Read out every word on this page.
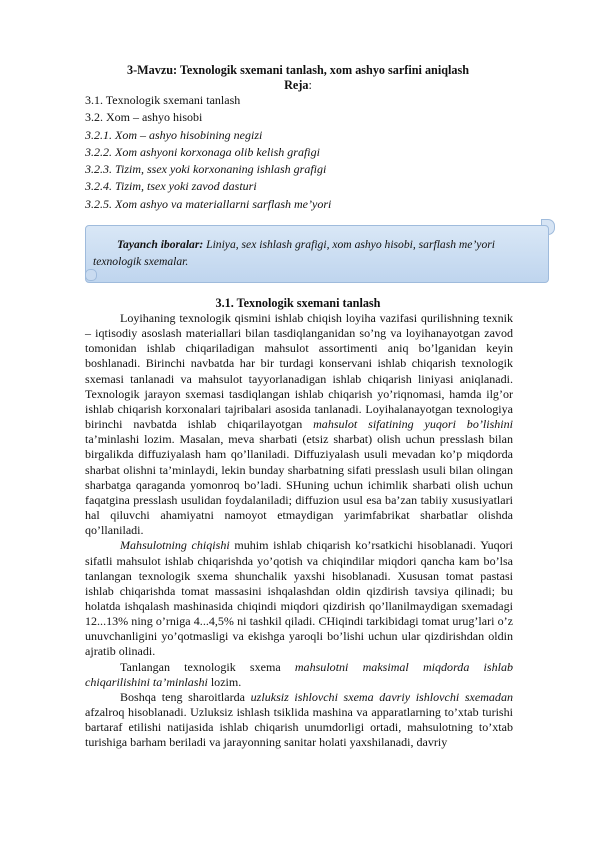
3-Mavzu: Texnologik sxemani tanlash, xom ashyo sarfini aniqlash
Reja:
3.1. Texnologik sxemani tanlash
3.2. Xom – ashyo hisobi
3.2.1. Xom – ashyo hisobining negizi
3.2.2. Xom ashyoni korxonaga olib kelish grafigi
3.2.3. Tizim, ssex yoki korxonaning ishlash grafigi
3.2.4. Tizim, tsex yoki zavod dasturi
3.2.5. Xom ashyo va materiallarni sarflash me’yori
Tayanch iboralar: Liniya, sex ishlash grafigi, xom ashyo hisobi, sarflash me’yori texnologik sxemalar.
3.1. Texnologik sxemani tanlash

Loyihaning texnologik qismini ishlab chiqish loyiha vazifasi qurilishning texnik – iqtisodiy asoslash materiallari bilan tasdiqlanganidan so’ng va loyihanayotgan zavod tomonidan ishlab chiqariladigan mahsulot assortimenti aniq bo’lganidan keyin boshlanadi. Birinchi navbatda har bir turdagi konservani ishlab chiqarish texnologik sxemasi tanlanadi va mahsulot tayyorlanadigan ishlab chiqarish liniyasi aniqlanadi. Texnologik jarayon sxemasi tasdiqlangan ishlab chiqarish yo’riqnomasi, hamda ilg’or ishlab chiqarish korxonalari tajribalari asosida tanlanadi. Loyihalanayotgan texnologiya birinchi navbatda ishlab chiqarilayotgan mahsulot sifatining yuqori bo’lishini ta’minlashi lozim. Masalan, meva sharbati (etsiz sharbat) olish uchun presslash bilan birgalikda diffuziyalash ham qo’llaniladi. Diffuziyalash usuli mevadan ko’p miqdorda sharbat olishni ta’minlaydi, lekin bunday sharbatning sifati presslash usuli bilan olingan sharbatga qaraganda yomonroq bo’ladi. SHuning uchun ichimlik sharbati olish uchun faqatgina presslash usulidan foydalaniladi; diffuzion usul esa ba’zan tabiiy xususiyatlari hal qiluvchi ahamiyatni namoyot etmaydigan yarimfabrikat sharbatlar olishda qo’llaniladi.

Mahsulotning chiqishi muhim ishlab chiqarish ko’rsatkichi hisoblanadi. Yuqori sifatli mahsulot ishlab chiqarishda yo’qotish va chiqindilar miqdori qancha kam bo’lsa tanlangan texnologik sxema shunchalik yaxshi hisoblanadi. Xususan tomat pastasi ishlab chiqarishda tomat massasini ishqalashdan oldin qizdirish tavsiya qilinadi; bu holatda ishqalash mashinasida chiqindi miqdori qizdirish qo’llanilmaydigan sxemadagi 12...13% ning o’rniga 4...4,5% ni tashkil qiladi. CHiqindi tarkibidagi tomat urug’lari o’z unuvchanligini yo’qotmasligi va ekishga yaroqli bo’lishi uchun ular qizdirishdan oldin ajratib olinadi.

Tanlangan texnologik sxema mahsulotni maksimal miqdorda ishlab chiqarilishini ta’minlashi lozim.

Boshqa teng sharoitlarda uzluksiz ishlovchi sxema davriy ishlovchi sxemadan afzalroq hisoblanadi. Uzluksiz ishlash tsiklida mashina va apparatlarning to’xtab turishi bartaraf etilishi natijasida ishlab chiqarish unumdorligi ortadi, mahsulotning to’xtab turishiga barham beriladi va jarayonning sanitar holati yaxshilanadi, davriy
